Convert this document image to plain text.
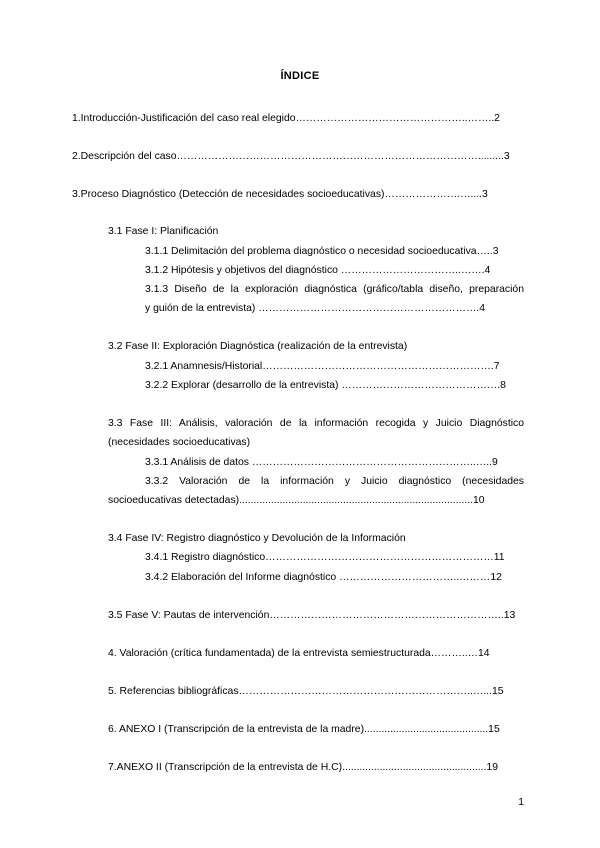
ÍNDICE
1.Introducción-Justificación del caso real elegido…………………………………………..……..2
2.Descripción del caso…………………………………………………………………………….........3
3.Proceso Diagnóstico (Detección de necesidades socioeducativas)………………….…....3
3.1 Fase I: Planificación
3.1.1 Delimitación del problema diagnóstico o necesidad socioeducativa…..3
3.1.2 Hipótesis y objetivos del diagnóstico ……………………………..…….4
3.1.3 Diseño de la exploración diagnóstica (gráfico/tabla diseño, preparación
y guión de la entrevista) ……………………………………………………….4
3.2 Fase II: Exploración Diagnóstica (realización de la entrevista)
3.2.1 Anamnesis/Historial………………………………………………………….7
3.2.2 Explorar (desarrollo de la entrevista) ……………………………………….8
3.3 Fase III: Análisis, valoración de la información recogida y Juicio Diagnóstico
(necesidades socioeducativas)
3.3.1 Análisis de datos ………………………………………………………..…..9
3.3.2 Valoración de la información y Juicio diagnóstico (necesidades
socioeducativas detectadas).................................................................................10
3.4 Fase IV: Registro diagnóstico y Devolución de la Información
3.4.1 Registro diagnóstico…………………………………………………………11
3.4.2 Elaboración del Informe diagnóstico ……………………………..………12
3.5 Fase V: Pautas de intervención…………………………………………………………..13
4. Valoración (crítica fundamentada) de la entrevista semiestructurada………..…14
5. Referencias bibliográficas…………………………………………………………..…...15
6. ANEXO I (Transcripción de la entrevista de la madre)...........................................15
7.ANEXO II (Transcripción de la entrevista de H.C)..................................................19
1
